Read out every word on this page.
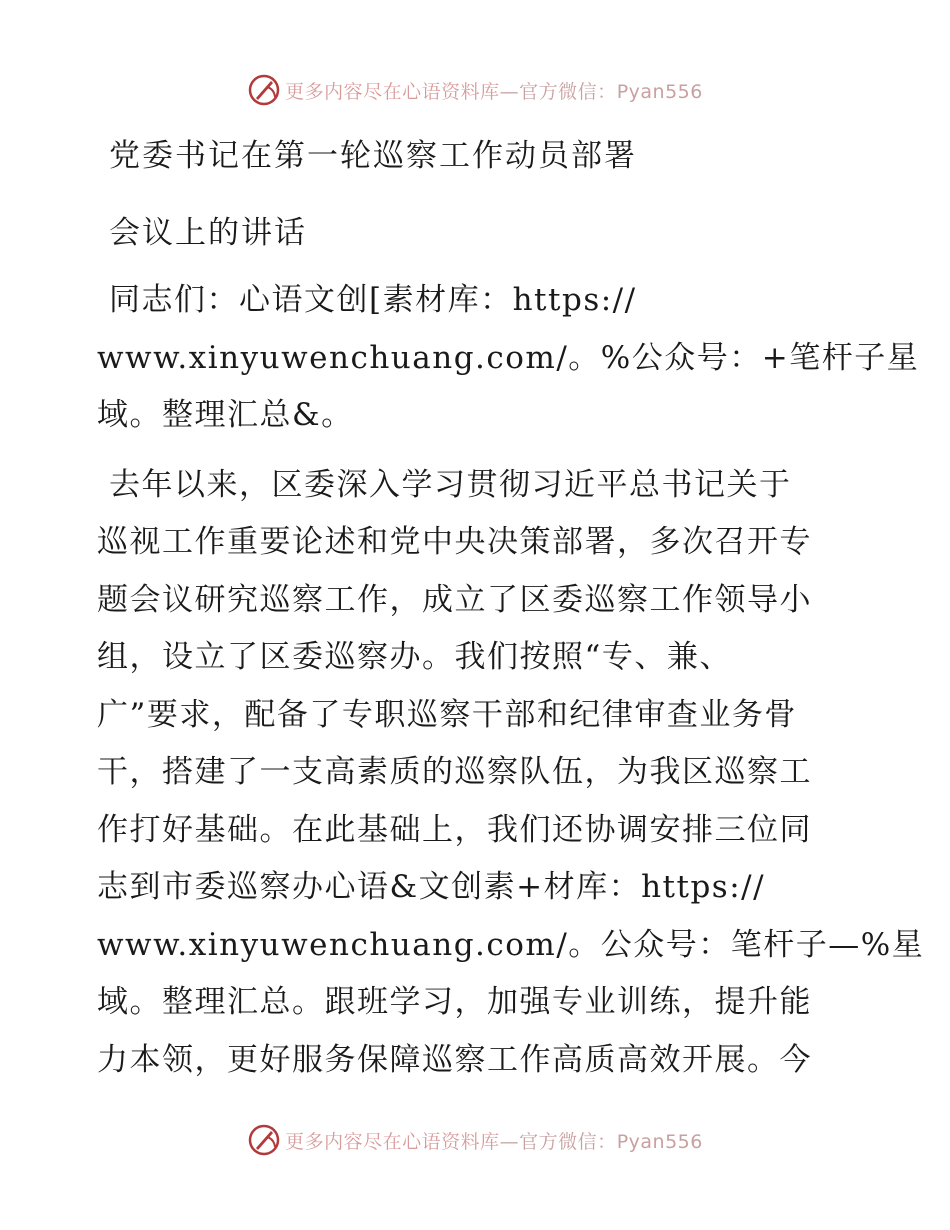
更多内容尽在心语资料库—官方微信：Pyan556
党委书记在第一轮巡察工作动员部署
会议上的讲话
同志们：心语文创[素材库：https://
www.xinyuwenchuang.com/。%公众号：+笔杆子星
域。整理汇总&。
去年以来，区委深入学习贯彻习近平总书记关于
巡视工作重要论述和党中央决策部署，多次召开专
题会议研究巡察工作，成立了区委巡察工作领导小
组，设立了区委巡察办。我们按照“专、兼、
广”要求，配备了专职巡察干部和纪律审查业务骨
干，搭建了一支高素质的巡察队伍，为我区巡察工
作打好基础。在此基础上，我们还协调安排三位同
志到市委巡察办心语&文创素+材库：https://
www.xinyuwenchuang.com/。公众号：笔杆子—%星
域。整理汇总。跟班学习，加强专业训练，提升能
力本领，更好服务保障巡察工作高质高效开展。今
更多内容尽在心语资料库—官方微信：Pyan556
